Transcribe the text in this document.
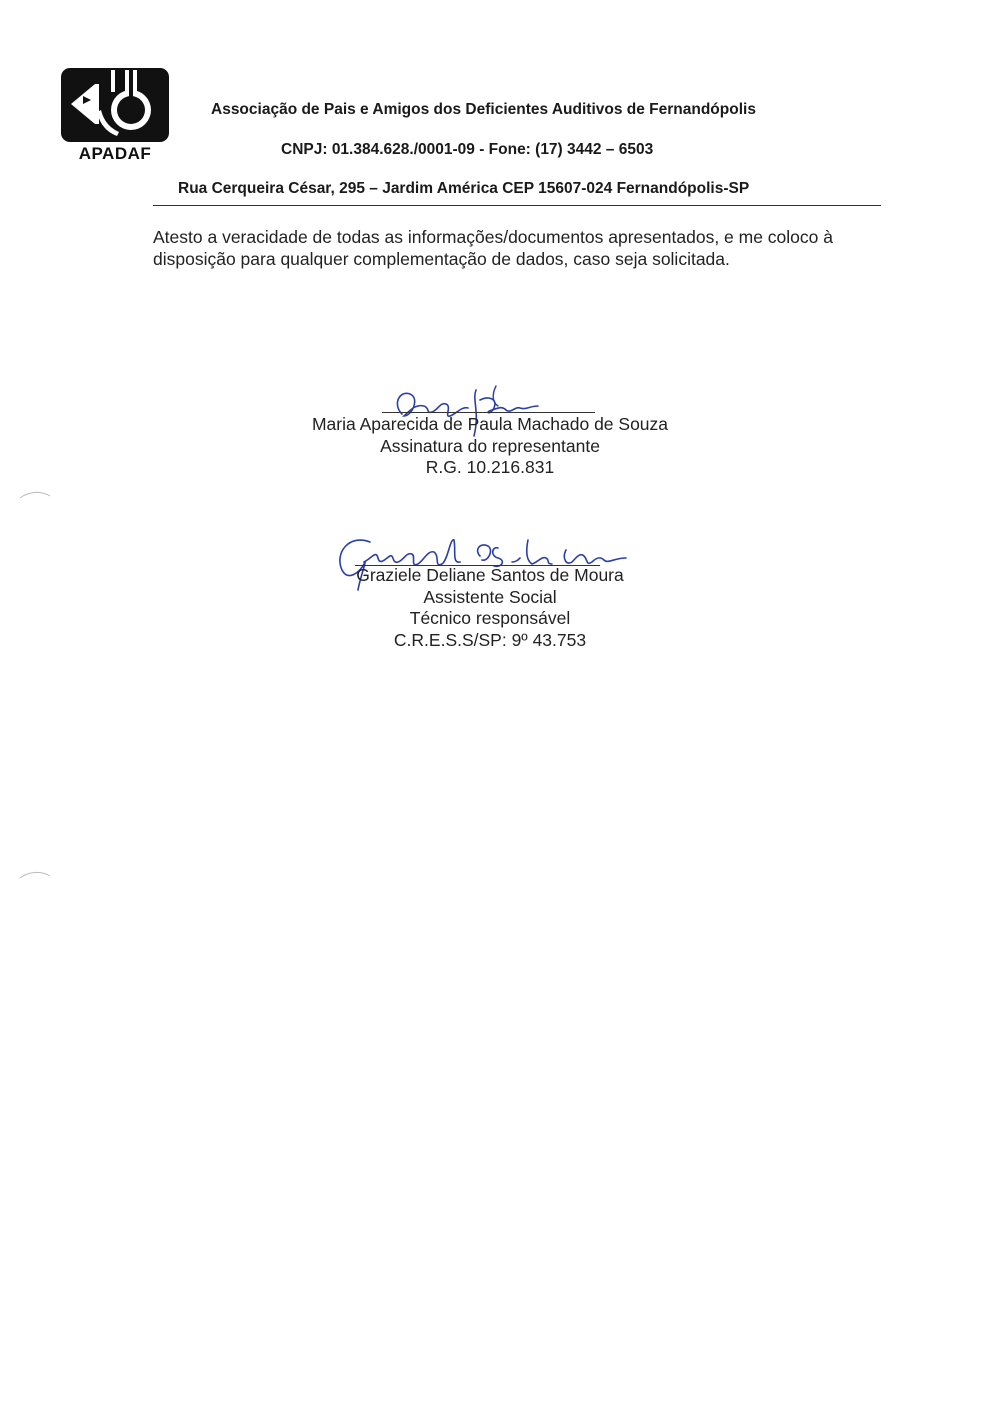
APADAF
Associação de Pais e Amigos dos Deficientes Auditivos de Fernandópolis
CNPJ: 01.384.628./0001-09 - Fone: (17) 3442 – 6503
Rua Cerqueira César, 295 – Jardim América CEP 15607-024 Fernandópolis-SP
Atesto a veracidade de todas as informações/documentos apresentados, e me coloco à disposição para qualquer complementação de dados, caso seja solicitada.
Maria Aparecida de Paula Machado de Souza
Assinatura do representante
R.G. 10.216.831
Graziele Deliane Santos de Moura
Assistente Social
Técnico responsável
C.R.E.S.S/SP: 9º 43.753
